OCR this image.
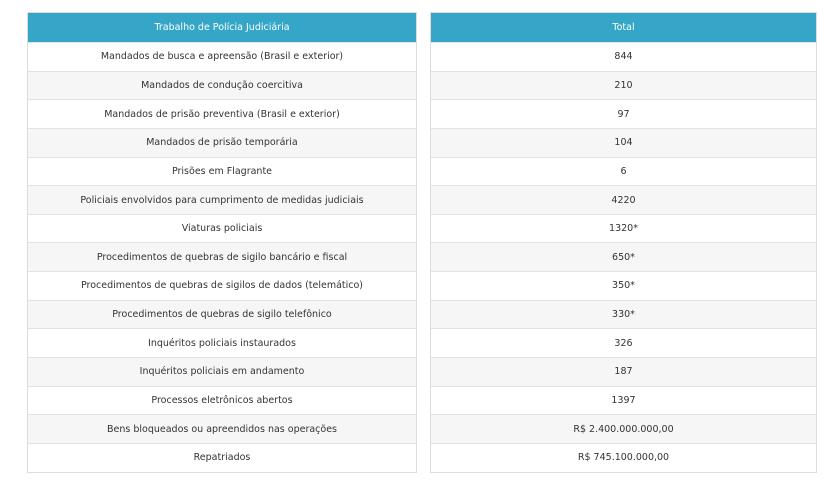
Trabalho de Polícia Judiciária
Mandados de busca e apreensão (Brasil e exterior)
Mandados de condução coercitiva
Mandados de prisão preventiva (Brasil e exterior)
Mandados de prisão temporária
Prisões em Flagrante
Policiais envolvidos para cumprimento de medidas judiciais
Viaturas policiais
Procedimentos de quebras de sigilo bancário e fiscal
Procedimentos de quebras de sigilos de dados (telemático)
Procedimentos de quebras de sigilo telefônico
Inquéritos policiais instaurados
Inquéritos policiais em andamento
Processos eletrônicos abertos
Bens bloqueados ou apreendidos nas operações
Repatriados
Total
844
210
97
104
6
4220
1320*
650*
350*
330*
326
187
1397
R$ 2.400.000.000,00
R$ 745.100.000,00
